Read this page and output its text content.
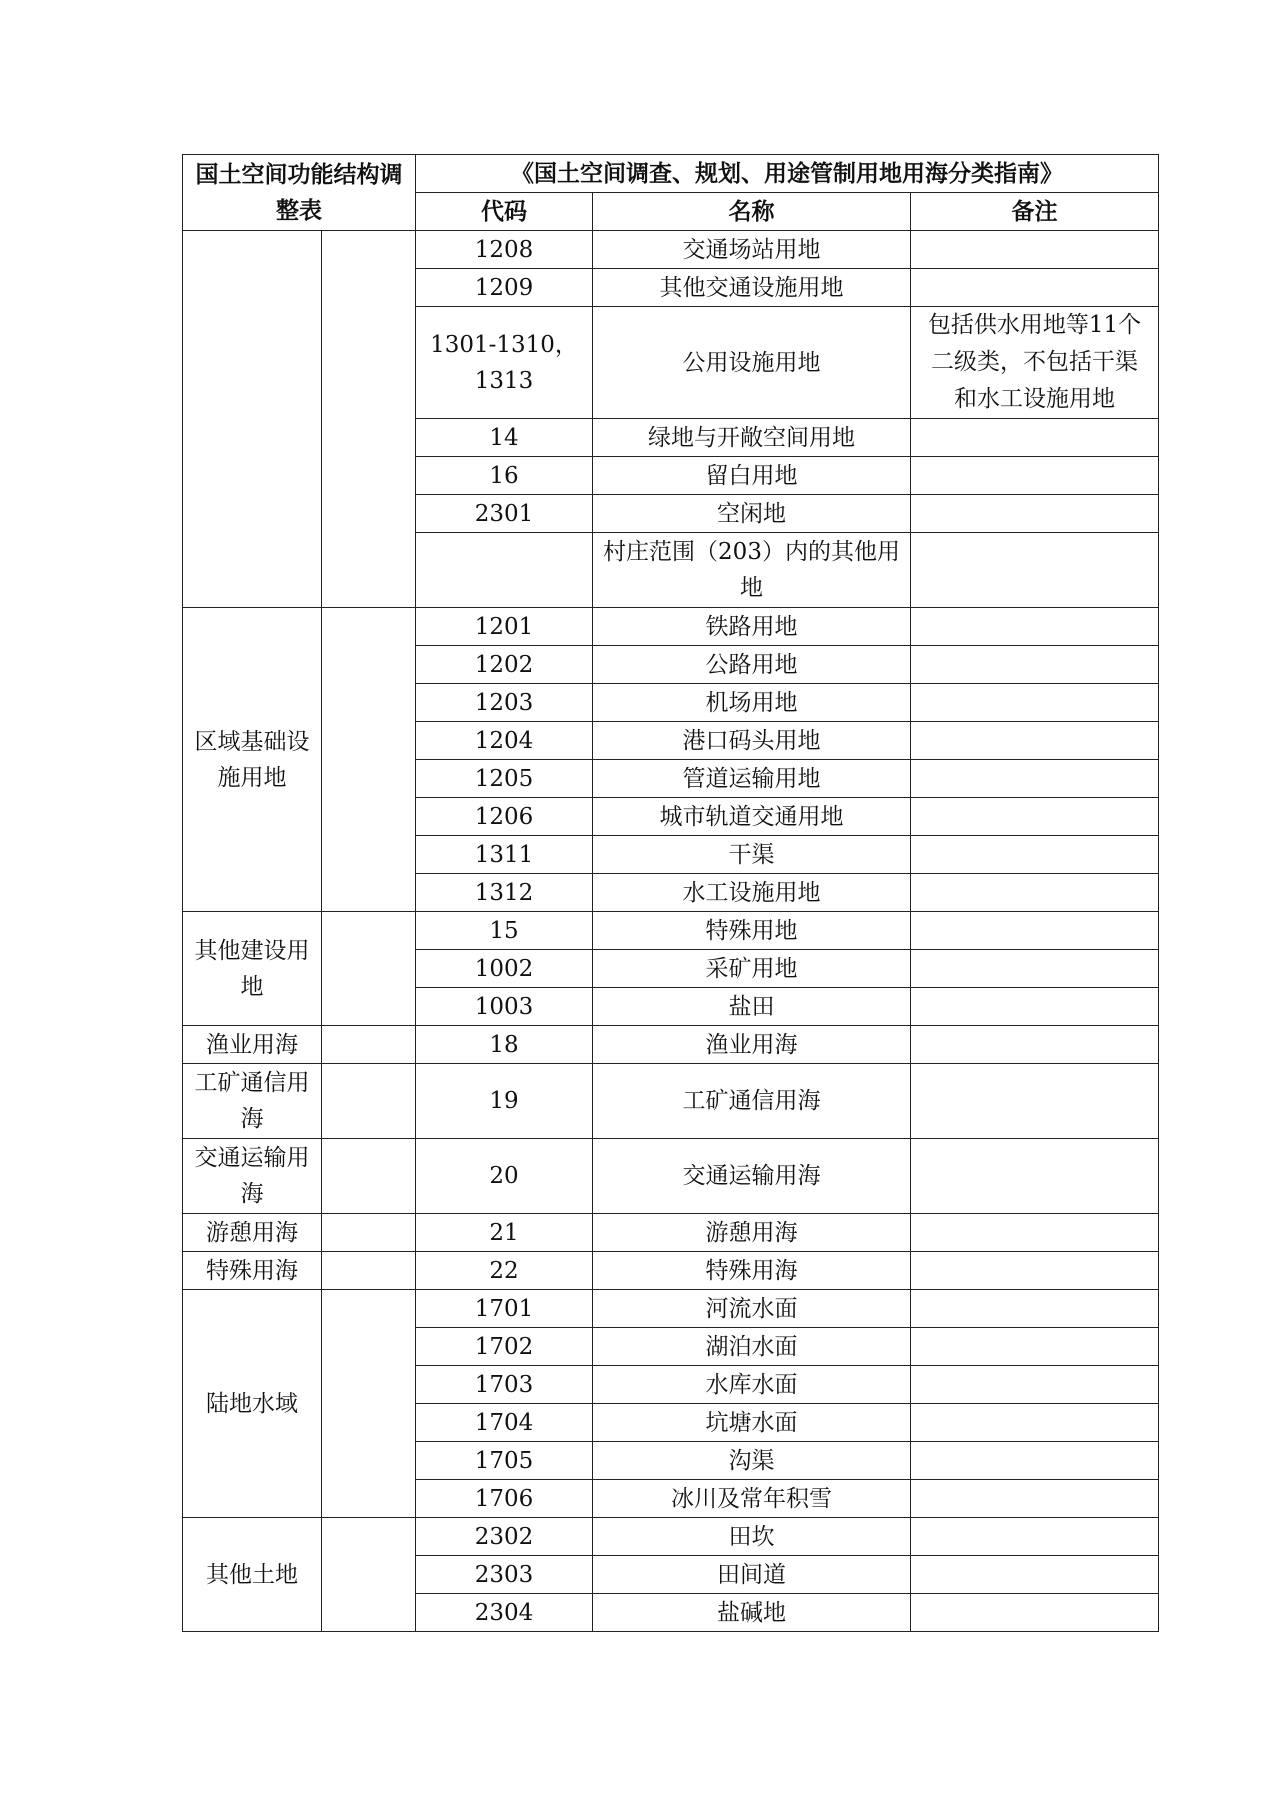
国土空间功能结构调整表		《国土空间调查、规划、用途管制用地用海分类指南》		
		代码	名称	备注
		1208	交通场站用地	
		1209	其他交通设施用地	
		1301-1310，1313	公用设施用地	包括供水用地等11个二级类，不包括干渠和水工设施用地
		14	绿地与开敞空间用地	
		16	留白用地	
		2301	空闲地	
			村庄范围（203）内的其他用地	
区域基础设施用地		1201	铁路用地	
		1202	公路用地	
		1203	机场用地	
		1204	港口码头用地	
		1205	管道运输用地	
		1206	城市轨道交通用地	
		1311	干渠	
		1312	水工设施用地	
其他建设用地		15	特殊用地	
		1002	采矿用地	
		1003	盐田	
渔业用海		18	渔业用海	
工矿通信用海		19	工矿通信用海	
交通运输用海		20	交通运输用海	
游憩用海		21	游憩用海	
特殊用海		22	特殊用海	
陆地水域		1701	河流水面	
		1702	湖泊水面	
		1703	水库水面	
		1704	坑塘水面	
		1705	沟渠	
		1706	冰川及常年积雪	
其他土地		2302	田坎	
		2303	田间道	
		2304	盐碱地	
